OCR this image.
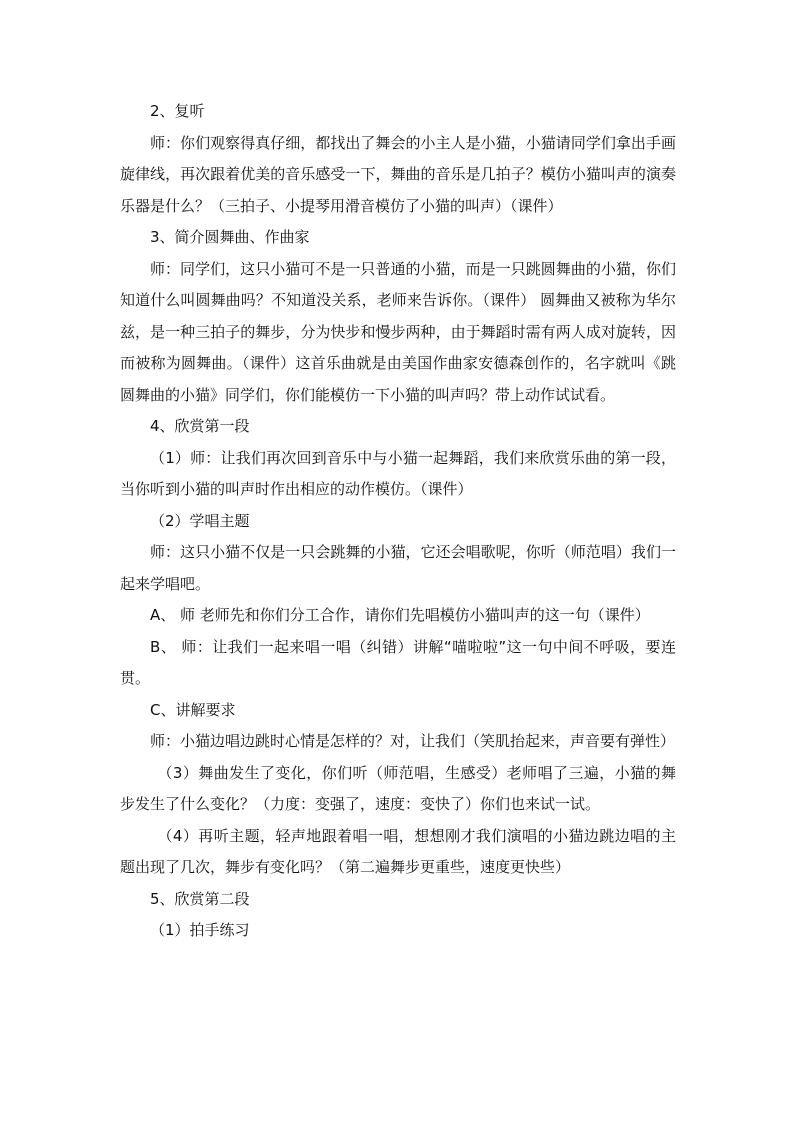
2、复听

师：你们观察得真仔细，都找出了舞会的小主人是小猫，小猫请同学们拿出手画旋律线，再次跟着优美的音乐感受一下，舞曲的音乐是几拍子？模仿小猫叫声的演奏乐器是什么？（三拍子、小提琴用滑音模仿了小猫的叫声）（课件）

3、简介圆舞曲、作曲家

师：同学们，这只小猫可不是一只普通的小猫，而是一只跳圆舞曲的小猫，你们知道什么叫圆舞曲吗？不知道没关系，老师来告诉你。（课件） 圆舞曲又被称为华尔兹，是一种三拍子的舞步，分为快步和慢步两种，由于舞蹈时需有两人成对旋转，因而被称为圆舞曲。（课件）这首乐曲就是由美国作曲家安德森创作的，名字就叫《跳圆舞曲的小猫》同学们，你们能模仿一下小猫的叫声吗？带上动作试试看。

4、欣赏第一段

（1）师：让我们再次回到音乐中与小猫一起舞蹈，我们来欣赏乐曲的第一段，当你听到小猫的叫声时作出相应的动作模仿。（课件）

（2）学唱主题

师：这只小猫不仅是一只会跳舞的小猫，它还会唱歌呢，你听（师范唱）我们一起来学唱吧。

A、 师 老师先和你们分工合作，请你们先唱模仿小猫叫声的这一句（课件）

B、 师：让我们一起来唱一唱（纠错）讲解“喵啦啦”这一句中间不呼吸，要连贯。

C、讲解要求

师：小猫边唱边跳时心情是怎样的？对，让我们（笑肌抬起来，声音要有弹性）

（3）舞曲发生了变化，你们听（师范唱，生感受）老师唱了三遍，小猫的舞步发生了什么变化？（力度：变强了，速度：变快了）你们也来试一试。

（4）再听主题，轻声地跟着唱一唱，想想刚才我们演唱的小猫边跳边唱的主题出现了几次，舞步有变化吗？（第二遍舞步更重些，速度更快些）

5、欣赏第二段

（1）拍手练习
